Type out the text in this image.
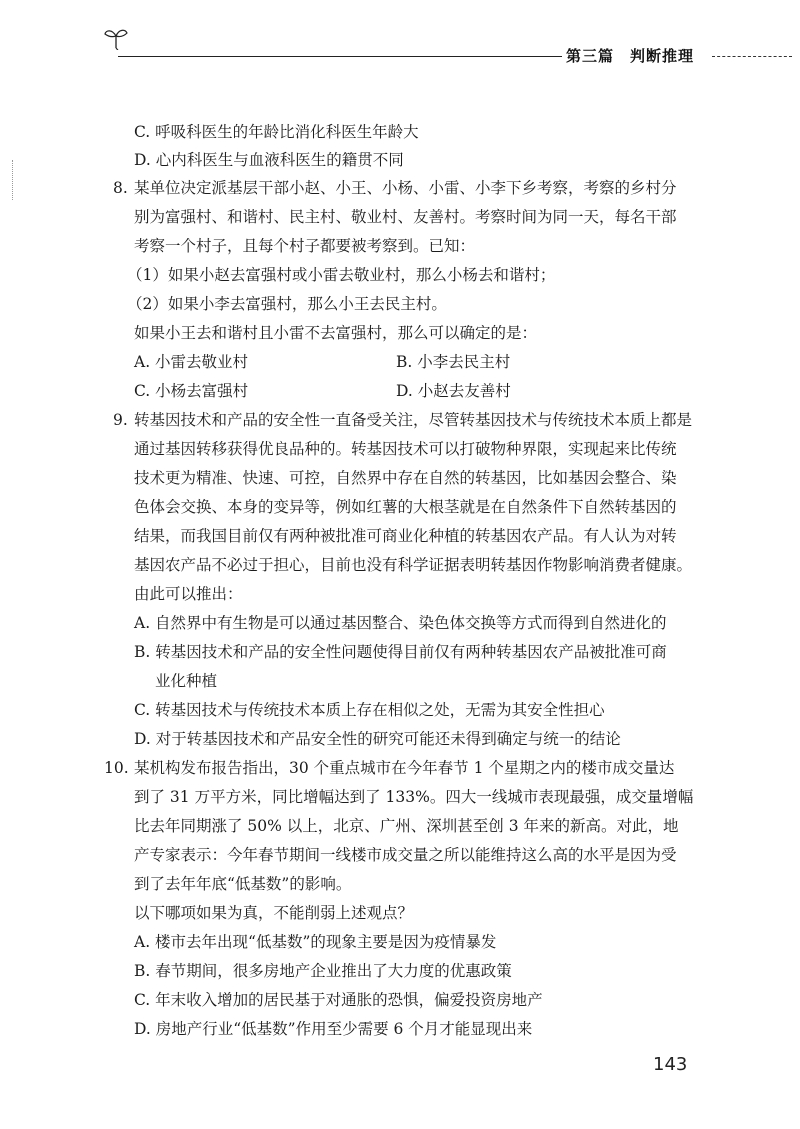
第三篇　判断推理
C. 呼吸科医生的年龄比消化科医生年龄大
D. 心内科医生与血液科医生的籍贯不同
8. 某单位决定派基层干部小赵、小王、小杨、小雷、小李下乡考察，考察的乡村分
别为富强村、和谐村、民主村、敬业村、友善村。考察时间为同一天，每名干部
考察一个村子，且每个村子都要被考察到。已知：
（1）如果小赵去富强村或小雷去敬业村，那么小杨去和谐村；
（2）如果小李去富强村，那么小王去民主村。
如果小王去和谐村且小雷不去富强村，那么可以确定的是：
A. 小雷去敬业村	B. 小李去民主村
C. 小杨去富强村	D. 小赵去友善村
9. 转基因技术和产品的安全性一直备受关注，尽管转基因技术与传统技术本质上都是
通过基因转移获得优良品种的。转基因技术可以打破物种界限，实现起来比传统
技术更为精准、快速、可控，自然界中存在自然的转基因，比如基因会整合、染
色体会交换、本身的变异等，例如红薯的大根茎就是在自然条件下自然转基因的
结果，而我国目前仅有两种被批准可商业化种植的转基因农产品。有人认为对转
基因农产品不必过于担心，目前也没有科学证据表明转基因作物影响消费者健康。
由此可以推出：
A. 自然界中有生物是可以通过基因整合、染色体交换等方式而得到自然进化的
B. 转基因技术和产品的安全性问题使得目前仅有两种转基因农产品被批准可商
业化种植
C. 转基因技术与传统技术本质上存在相似之处，无需为其安全性担心
D. 对于转基因技术和产品安全性的研究可能还未得到确定与统一的结论
10. 某机构发布报告指出，30 个重点城市在今年春节 1 个星期之内的楼市成交量达
到了 31 万平方米，同比增幅达到了 133%。四大一线城市表现最强，成交量增幅
比去年同期涨了 50% 以上，北京、广州、深圳甚至创 3 年来的新高。对此，地
产专家表示：今年春节期间一线楼市成交量之所以能维持这么高的水平是因为受
到了去年年底“低基数”的影响。
以下哪项如果为真，不能削弱上述观点？
A. 楼市去年出现“低基数”的现象主要是因为疫情暴发
B. 春节期间，很多房地产企业推出了大力度的优惠政策
C. 年末收入增加的居民基于对通胀的恐惧，偏爱投资房地产
D. 房地产行业“低基数”作用至少需要 6 个月才能显现出来
143
